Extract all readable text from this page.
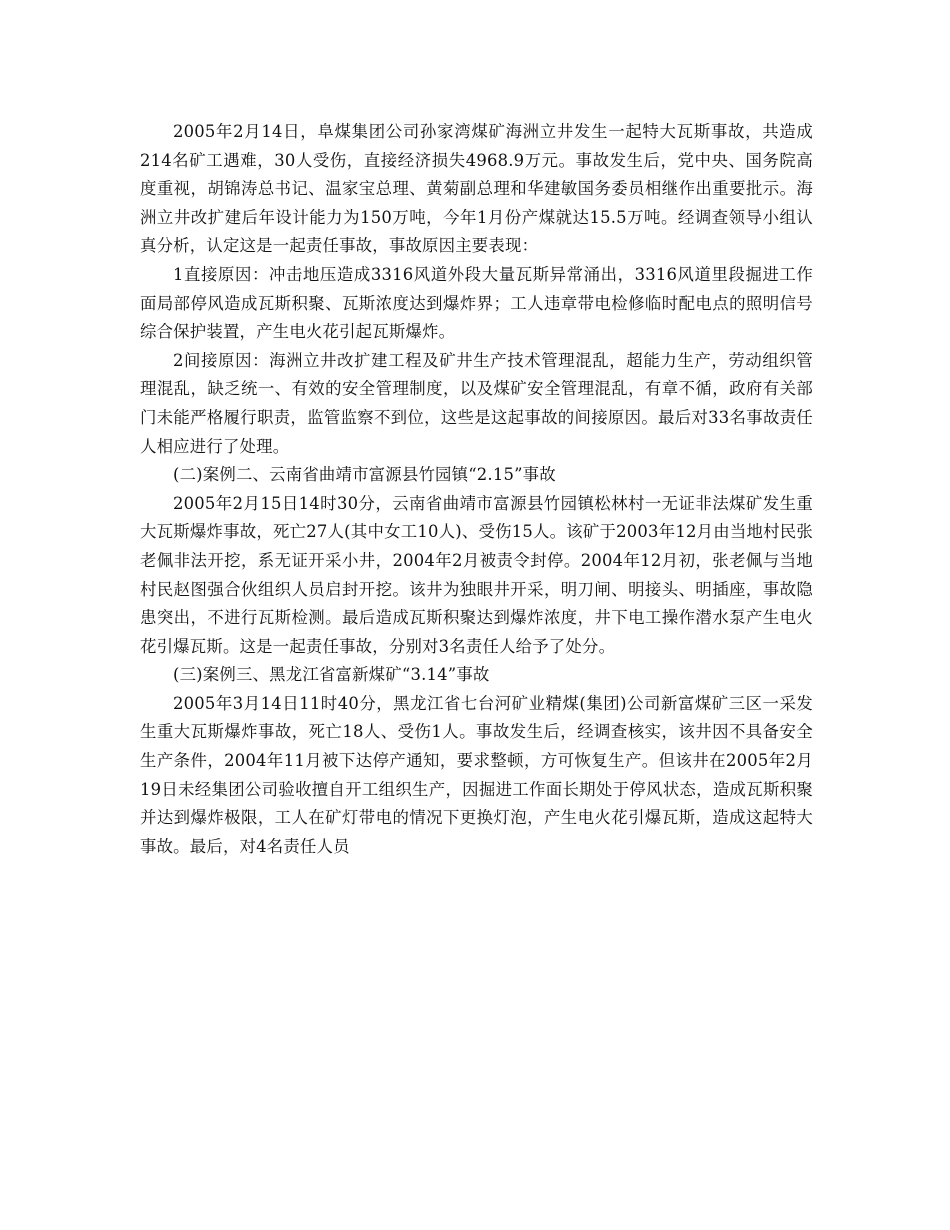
2005年2月14日，阜煤集团公司孙家湾煤矿海洲立井发生一起特大瓦斯事故，共造成214名矿工遇难，30人受伤，直接经济损失4968.9万元。事故发生后，党中央、国务院高度重视，胡锦涛总书记、温家宝总理、黄菊副总理和华建敏国务委员相继作出重要批示。海洲立井改扩建后年设计能力为150万吨，今年1月份产煤就达15.5万吨。经调查领导小组认真分析，认定这是一起责任事故，事故原因主要表现：

1直接原因：冲击地压造成3316风道外段大量瓦斯异常涌出，3316风道里段掘进工作面局部停风造成瓦斯积聚、瓦斯浓度达到爆炸界；工人违章带电检修临时配电点的照明信号综合保护装置，产生电火花引起瓦斯爆炸。

2间接原因：海洲立井改扩建工程及矿井生产技术管理混乱，超能力生产，劳动组织管理混乱，缺乏统一、有效的安全管理制度，以及煤矿安全管理混乱，有章不循，政府有关部门未能严格履行职责，监管监察不到位，这些是这起事故的间接原因。最后对33名事故责任人相应进行了处理。

(二)案例二、云南省曲靖市富源县竹园镇“2.15”事故

2005年2月15日14时30分，云南省曲靖市富源县竹园镇松林村一无证非法煤矿发生重大瓦斯爆炸事故，死亡27人(其中女工10人)、受伤15人。该矿于2003年12月由当地村民张老佩非法开挖，系无证开采小井，2004年2月被责令封停。2004年12月初，张老佩与当地村民赵图强合伙组织人员启封开挖。该井为独眼井开采，明刀闸、明接头、明插座，事故隐患突出，不进行瓦斯检测。最后造成瓦斯积聚达到爆炸浓度，井下电工操作潜水泵产生电火花引爆瓦斯。这是一起责任事故，分别对3名责任人给予了处分。

(三)案例三、黑龙江省富新煤矿“3.14”事故

2005年3月14日11时40分，黑龙江省七台河矿业精煤(集团)公司新富煤矿三区一采发生重大瓦斯爆炸事故，死亡18人、受伤1人。事故发生后，经调查核实，该井因不具备安全生产条件，2004年11月被下达停产通知，要求整顿，方可恢复生产。但该井在2005年2月19日未经集团公司验收擅自开工组织生产，因掘进工作面长期处于停风状态，造成瓦斯积聚并达到爆炸极限，工人在矿灯带电的情况下更换灯泡，产生电火花引爆瓦斯，造成这起特大事故。最后，对4名责任人员
